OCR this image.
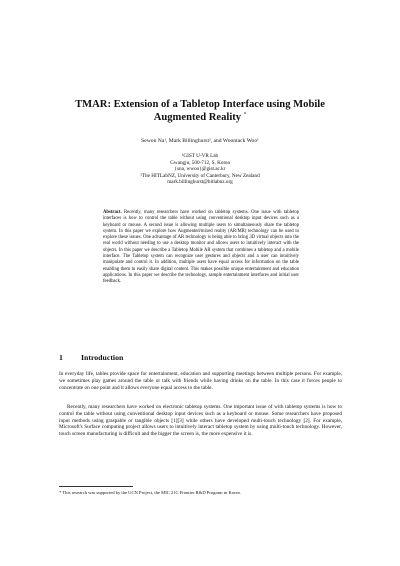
TMAR: Extension of a Tabletop Interface using Mobile
Augmented Reality *
Sewon Na¹, Mark Billinghurst², and Woontack Woo¹
¹GIST U-VR Lab
Gwangju, 500-712, S. Korea
{sna, wwoo}@gist.ac.kr
²The HITLabNZ, University of Canterbury, New Zealand
mark.billinghurst@hitlabnz.org
Abstract. Recently, many researchers have worked on tabletop systems. One issue with tabletop interfaces is how to control the table without using conventional desktop input devices such as a keyboard or mouse. A second issue is allowing multiple users to simultaneously share the tabletop system. In this paper we explore how Augmented/mixed reality (AR/MR) technology can be used to explore these issues. One advantage of AR technology is being able to bring 3D virtual objects into the real world without needing to use a desktop monitor and allows users to intuitively interact with the objects. In this paper we describe a Tabletop Mobile AR system that combines a tabletop and a mobile interface. The Tabletop system can recognize user gestures and objects and a user can intuitively manipulate and control it. In addition, multiple users have equal access for information on the table enabling them to easily share digital content. This makes possible unique entertainment and education applications. In this paper we describe the technology, sample entertainment interfaces and initial user feedback.
1 Introduction
In everyday life, tables provide space for entertainment, education and supporting meetings between multiple persons. For example, we sometimes play games around the table or talk with friends while having drinks on the table. In this case it forces people to concentrate on one point and it allows everyone equal access to the table.
Recently, many researchers have worked on electronic tabletop systems. One important issue of with tabletop systems is how to control the table without using conventional desktop input devices such as a keyboard or mouse. Some researchers have proposed input methods using graspable or tangible objects [1][3] while others have developed multi-touch technology [2]. For example, Microsoft's Surface computing project allows users to intuitively interact tabletop system by using multi-touch technology. However, touch screen manufacturing is difficult and the bigger the screen is, the more expensive it is.
* This research was supported by the UCN Project, the MIC 21C Frontier R&D Program in Korea.
